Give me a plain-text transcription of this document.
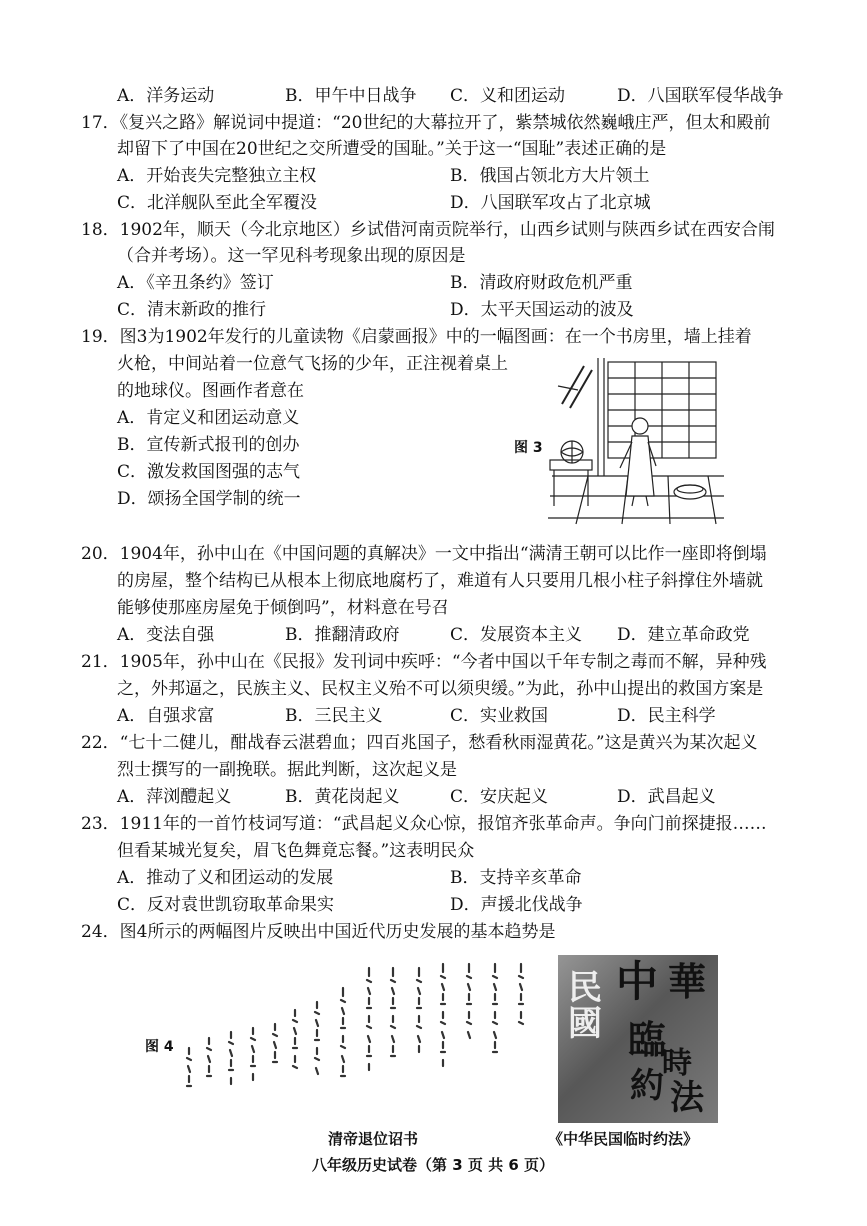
A．洋务运动	B．甲午中日战争 C．义和团运动	D．八国联军侵华战争
17．《复兴之路》解说词中提道：“20世纪的大幕拉开了，紫禁城依然巍峨庄严，但太和殿前
却留下了中国在20世纪之交所遭受的国耻。”关于这一“国耻”表述正确的是
A．开始丧失完整独立主权	B．俄国占领北方大片领土
C．北洋舰队至此全军覆没	D．八国联军攻占了北京城
18．1902年，顺天（今北京地区）乡试借河南贡院举行，山西乡试则与陕西乡试在西安合闱
（合并考场）。这一罕见科考现象出现的原因是
A．《辛丑条约》签订	B．清政府财政危机严重
C．清末新政的推行	D．太平天国运动的波及
19．图3为1902年发行的儿童读物《启蒙画报》中的一幅图画：在一个书房里，墙上挂着
火枪，中间站着一位意气飞扬的少年，正注视着桌上
的地球仪。图画作者意在
A．肯定义和团运动意义
B．宣传新式报刊的创办
C．激发救国图强的志气
D．颂扬全国学制的统一
图 3
20．1904年，孙中山在《中国问题的真解决》一文中指出“满清王朝可以比作一座即将倒塌
的房屋，整个结构已从根本上彻底地腐朽了，难道有人只要用几根小柱子斜撑住外墙就
能够使那座房屋免于倾倒吗”，材料意在号召
A．变法自强	B．推翻清政府	C．发展资本主义 D．建立革命政党
21．1905年，孙中山在《民报》发刊词中疾呼：“今者中国以千年专制之毒而不解，异种残
之，外邦逼之，民族主义、民权主义殆不可以须臾缓。”为此，孙中山提出的救国方案是
A．自强求富	B．三民主义	C．实业救国	D．民主科学
22．“七十二健儿，酣战春云湛碧血；四百兆国子，愁看秋雨湿黄花。”这是黄兴为某次起义
烈士撰写的一副挽联。据此判断，这次起义是
A．萍浏醴起义	B．黄花岗起义	C．安庆起义	D．武昌起义
23．1911年的一首竹枝词写道：“武昌起义众心惊，报馆齐张革命声。争向门前探捷报……
但看某城光复矣，眉飞色舞竟忘餐。”这表明民众
A．推动了义和团运动的发展	B．支持辛亥革命
C．反对袁世凯窃取革命果实	D．声援北伐战争
24．图4所示的两幅图片反映出中国近代历史发展的基本趋势是
图 4
清帝退位诏书
中 華
民
國 臨
時
約 法
《中华民国临时约法》
八年级历史试卷（第 3 页 共 6 页）
